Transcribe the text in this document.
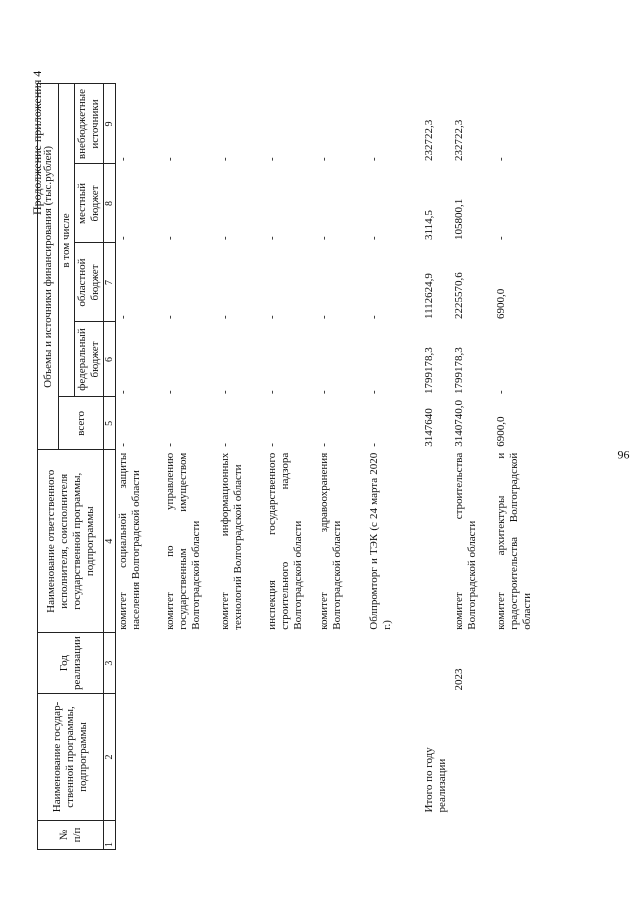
96
Продолжение приложения 4
№ п/п	Наименование государ-ственной программы, подпрограммы	Год реализации	Наименование ответственного исполнителя, соисполнителя государственной программы, подпрограммы	Объемы и источники финансирования (тыс.рублей)				
				всего	в том числе			
					федеральный бюджет	областной бюджет	местный бюджет	внебюджетные источники
1	2	3	4	5	6	7	8	9
			комитет социальной защиты населения Волгоградской области	-	-	-	-	-
			комитет по управлению государственным имуществом Волгоградской области	-	-	-	-	-
			комитет информационных технологий Волгоградской области	-	-	-	-	-
			инспекция государственного строительного надзора Волгоградской области	-	-	-	-	-
			комитет здравоохранения Волгоградской области	-	-	-	-	-
			Облпромторг и ТЭК (с 24 марта 2020 г.)	-	-	-	-	-
	Итого по году реализации			3147640	1799178,3	1112624,9	3114,5	232722,3
		2023	комитет строительства Волгоградской области	3140740,0	1799178,3	2225570,6	105800,1	232722,3
			комитет архитектуры и градостроительства Волгоградской области	6900,0	-	6900,0	-	-
